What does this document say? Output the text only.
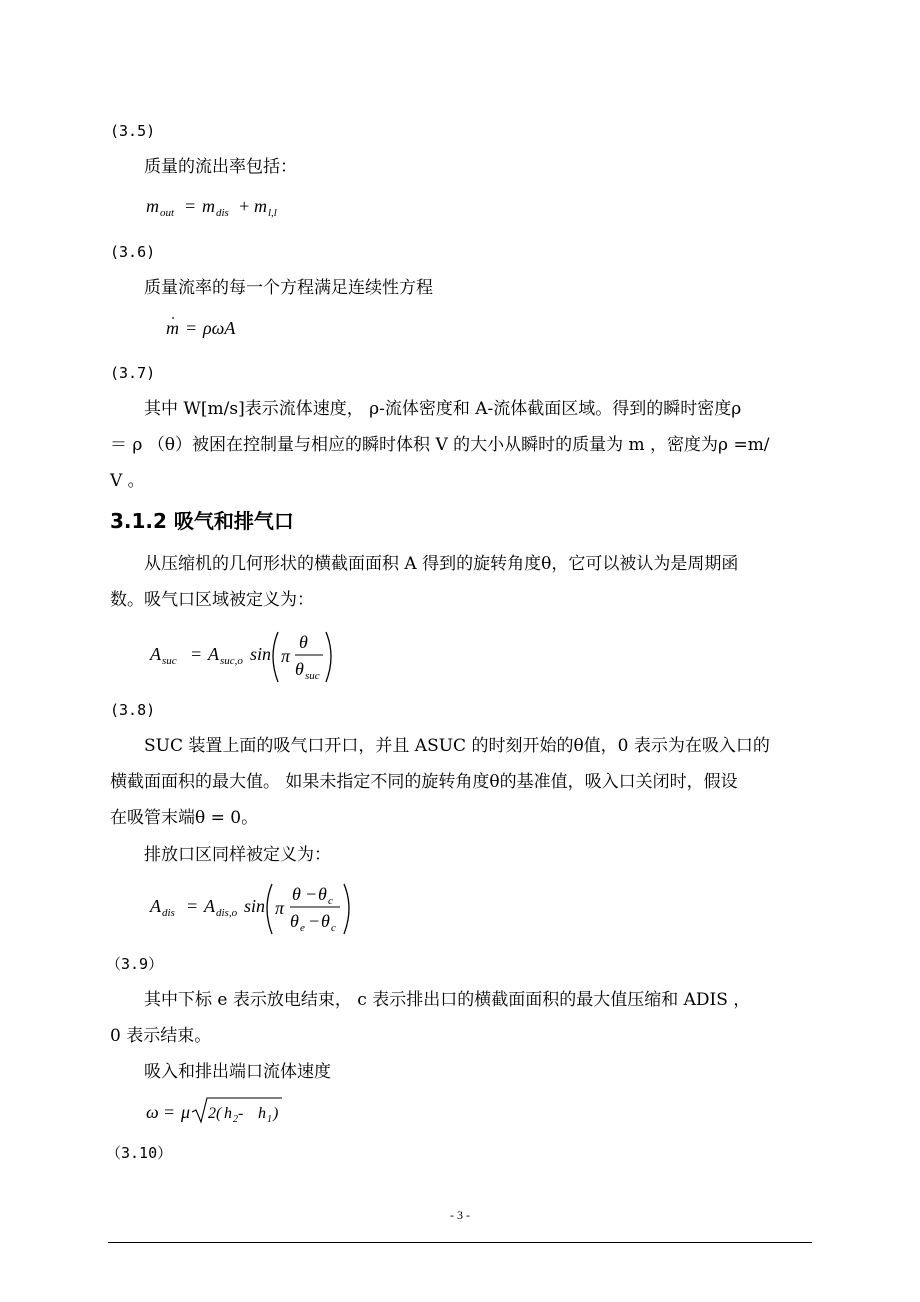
(3.5)
质量的流出率包括：
m out = m dis + m l,l
(3.6)
质量流率的每一个方程满足连续性方程
m = ρωA
(3.7)
其中 W[m/s]表示流体速度， ρ-流体密度和 A-流体截面区域。得到的瞬时密度ρ
＝ ρ （θ）被困在控制量与相应的瞬时体积 V 的大小从瞬时的质量为 m ，密度为ρ =m/
V 。
3.1.2 吸气和排气口
从压缩机的几何形状的横截面面积 A 得到的旋转角度θ，它可以被认为是周期函
数。吸气口区域被定义为：
A suc = A suc,o sin π
θ
θ suc
(3.8)
SUC 装置上面的吸气口开口，并且 ASUC 的时刻开始的θ值，0 表示为在吸入口的
横截面面积的最大值。 如果未指定不同的旋转角度θ的基准值，吸入口关闭时，假设
在吸管末端θ = 0。
排放口区同样被定义为：
A dis = A dis,o sin π
θ − θ c
θ e − θ c
（3.9）
其中下标 e 表示放电结束， c 表示排出口的横截面面积的最大值压缩和 ADIS ，
0 表示结束。
吸入和排出端口流体速度
ω = μ 2( h 2 - h 1 )
（3.10）
- 3 -
